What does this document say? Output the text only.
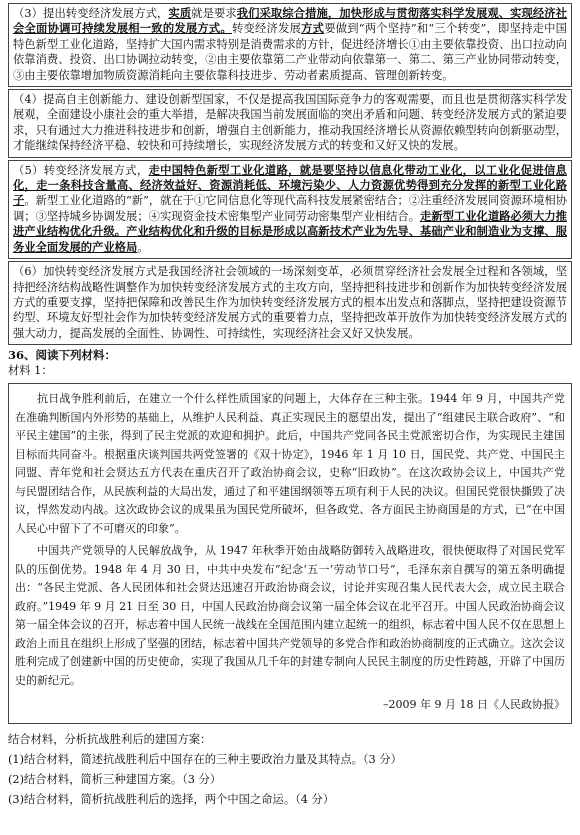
（3）提出转变经济发展方式，实质就是要求我们采取综合措施，加快形成与贯彻落实科学发展观、实现经济社会全面协调可持续发展相一致的发展方式。转变经济发展方式要做到“两个坚持”和“三个转变”，即坚持走中国特色新型工业化道路，坚持扩大国内需求特别是消费需求的方针，促进经济增长①由主要依靠投资、出口拉动向依靠消费、投资、出口协调拉动转变，②由主要依靠第二产业带动向依靠第一、第二、第三产业协同带动转变，③由主要依靠增加物质资源消耗向主要依靠科技进步、劳动者素质提高、管理创新转变。

（4）提高自主创新能力、建设创新型国家，不仅是提高我国国际竞争力的客观需要，而且也是贯彻落实科学发展观，全面建设小康社会的重大举措，是解决我国当前发展面临的突出矛盾和问题、转变经济发展方式的紧迫要求，只有通过大力推进科技进步和创新，增强自主创新能力，推动我国经济增长从资源依赖型转向创新驱动型，才能继续保持经济平稳、较快和可持续增长，实现经济发展方式的转变和又好又快的发展。

（5）转变经济发展方式，走中国特色新型工业化道路，就是要坚持以信息化带动工业化，以工业化促进信息化，走一条科技含量高、经济效益好、资源消耗低、环境污染少、人力资源优势得到充分发挥的新型工业化路子。新型工业化道路的“新”，就在于①它同信息化等现代高科技发展紧密结合；②注重经济发展同资源环境相协调；③坚持城乡协调发展；④实现资金技术密集型产业同劳动密集型产业相结合。走新型工业化道路必须大力推进产业结构优化升级。产业结构优化和升级的目标是形成以高新技术产业为先导、基础产业和制造业为支撑、服务业全面发展的产业格局。

（6）加快转变经济发展方式是我国经济社会领域的一场深刻变革，必须贯穿经济社会发展全过程和各领域，坚持把经济结构战略性调整作为加快转变经济发展方式的主攻方向，坚持把科技进步和创新作为加快转变经济发展方式的重要支撑，坚持把保障和改善民生作为加快转变经济发展方式的根本出发点和落脚点，坚持把建设资源节约型、环境友好型社会作为加快转变经济发展方式的重要着力点，坚持把改革开放作为加快转变经济发展方式的强大动力，提高发展的全面性、协调性、可持续性，实现经济社会又好又快发展。

36、阅读下列材料：

材料 1：

抗日战争胜利前后，在建立一个什么样性质国家的问题上，大体存在三种主张。1944 年 9 月，中国共产党在准确判断国内外形势的基础上，从维护人民利益、真正实现民主的愿望出发，提出了“组建民主联合政府”、“和平民主建国”的主张，得到了民主党派的欢迎和拥护。此后，中国共产党同各民主党派密切合作，为实现民主建国目标而共同奋斗。根据重庆谈判国共两党签署的《双十协定》，1946 年 1 月 10 日，国民党、共产党、中国民主同盟、青年党和社会贤达五方代表在重庆召开了政治协商会议，史称“旧政协”。在这次政协会议上，中国共产党与民盟团结合作，从民族利益的大局出发，通过了和平建国纲领等五项有利于人民的决议。但国民党很快撕毁了决议，悍然发动内战。这次政协会议的成果虽为国民党所破坏，但各政党、各方面民主协商国是的方式，已“在中国人民心中留下了不可磨灭的印象”。

中国共产党领导的人民解放战争，从 1947 年秋季开始由战略防御转入战略进攻，很快便取得了对国民党军队的压倒优势。1948 年 4 月 30 日，中共中央发布“纪念‘五一’劳动节口号”，毛泽东亲自撰写的第五条明确提出：“各民主党派、各人民团体和社会贤达迅速召开政治协商会议，讨论并实现召集人民代表大会，成立民主联合政府。”1949 年 9 月 21 日至 30 日，中国人民政治协商会议第一届全体会议在北平召开。中国人民政治协商会议第一届全体会议的召开，标志着中国人民统一战线在全国范围内建立起统一的组织，标志着中国人民不仅在思想上政治上而且在组织上形成了坚强的团结，标志着中国共产党领导的多党合作和政治协商制度的正式确立。这次会议胜利完成了创建新中国的历史使命，实现了我国从几千年的封建专制向人民民主制度的历史性跨越，开辟了中国历史的新纪元。

–2009 年 9 月 18 日《人民政协报》

结合材料，分析抗战胜利后的建国方案：

(1)结合材料，简述抗战胜利后中国存在的三种主要政治力量及其特点。（3 分）

(2)结合材料，简析三种建国方案。（3 分）

(3)结合材料，简析抗战胜利后的选择，两个中国之命运。（4 分）
